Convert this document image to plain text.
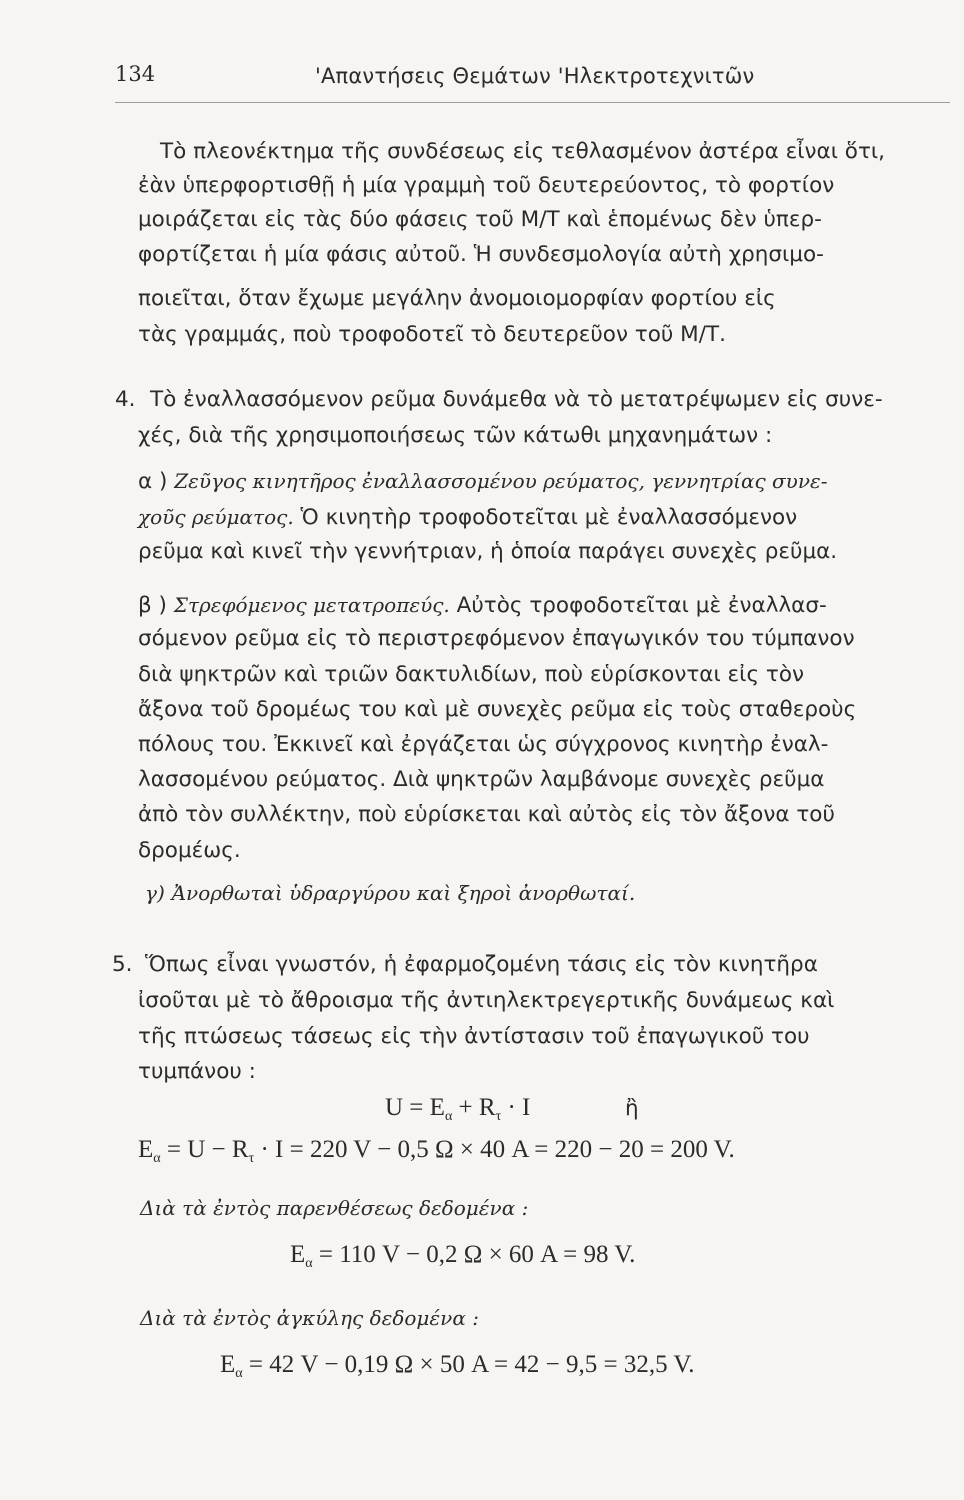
134	'Απαντήσεις Θεμάτων 'Ηλεκτροτεχνιτῶν
Τὸ πλεονέκτημα τῆς συνδέσεως εἰς τεθλασμένον ἀστέρα εἶναι ὅτι,
ἐὰν ὑπερφορτισθῇ ἡ μία γραμμὴ τοῦ δευτερεύοντος, τὸ φορτίον
μοιράζεται εἰς τὰς δύο φάσεις τοῦ Μ/Τ καὶ ἑπομένως δὲν ὑπερ-
φορτίζεται ἡ μία φάσις αὐτοῦ. Ἡ συνδεσμολογία αὐτὴ χρησιμο-
ποιεῖται, ὅταν ἔχωμε μεγάλην ἀνομοιομορφίαν φορτίου εἰς
τὰς γραμμάς, ποὺ τροφοδοτεῖ τὸ δευτερεῦον τοῦ Μ/Τ.
4. Τὸ ἐναλλασσόμενον ρεῦμα δυνάμεθα νὰ τὸ μετατρέψωμεν εἰς συνε-
χές, διὰ τῆς χρησιμοποιήσεως τῶν κάτωθι μηχανημάτων :
α ) Ζεῦγος κινητῆρος ἐναλλασσομένου ρεύματος, γεννητρίας συνε-
χοῦς ρεύματος. Ὁ κινητὴρ τροφοδοτεῖται μὲ ἐναλλασσόμενον
ρεῦμα καὶ κινεῖ τὴν γεννήτριαν, ἡ ὁποία παράγει συνεχὲς ρεῦμα.
β ) Στρεφόμενος μετατροπεύς. Αὐτὸς τροφοδοτεῖται μὲ ἐναλλασ-
σόμενον ρεῦμα εἰς τὸ περιστρεφόμενον ἐπαγωγικόν του τύμπανον
διὰ ψηκτρῶν καὶ τριῶν δακτυλιδίων, ποὺ εὑρίσκονται εἰς τὸν
ἄξονα τοῦ δρομέως του καὶ μὲ συνεχὲς ρεῦμα εἰς τοὺς σταθεροὺς
πόλους του. Ἐκκινεῖ καὶ ἐργάζεται ὡς σύγχρονος κινητὴρ ἐναλ-
λασσομένου ρεύματος. Διὰ ψηκτρῶν λαμβάνομε συνεχὲς ρεῦμα
ἀπὸ τὸν συλλέκτην, ποὺ εὑρίσκεται καὶ αὐτὸς εἰς τὸν ἄξονα τοῦ
δρομέως.
γ) Ἀνορθωταὶ ὑδραργύρου καὶ ξηροὶ ἀνορθωταί.
5. Ὅπως εἶναι γνωστόν, ἡ ἐφαρμοζομένη τάσις εἰς τὸν κινητῆρα
ἰσοῦται μὲ τὸ ἄθροισμα τῆς ἀντιηλεκτρεγερτικῆς δυνάμεως καὶ
τῆς πτώσεως τάσεως εἰς τὴν ἀντίστασιν τοῦ ἐπαγωγικοῦ του
τυμπάνου :
$U = E_\alpha + R_\tau \cdot I$	ἢ
$E_\alpha = U - R_\tau \cdot I = 220$ V − 0,5 Ω × 40 A = 220 − 20 = 200 V.
Διὰ τὰ ἐντὸς παρενθέσεως δεδομένα :
$E_\alpha = 110$ V − 0,2 Ω × 60 A = 98 V.
Διὰ τὰ ἐντὸς ἀγκύλης δεδομένα :
$E_\alpha = 42$ V − 0,19 Ω × 50 A = 42 − 9,5 = 32,5 V.
